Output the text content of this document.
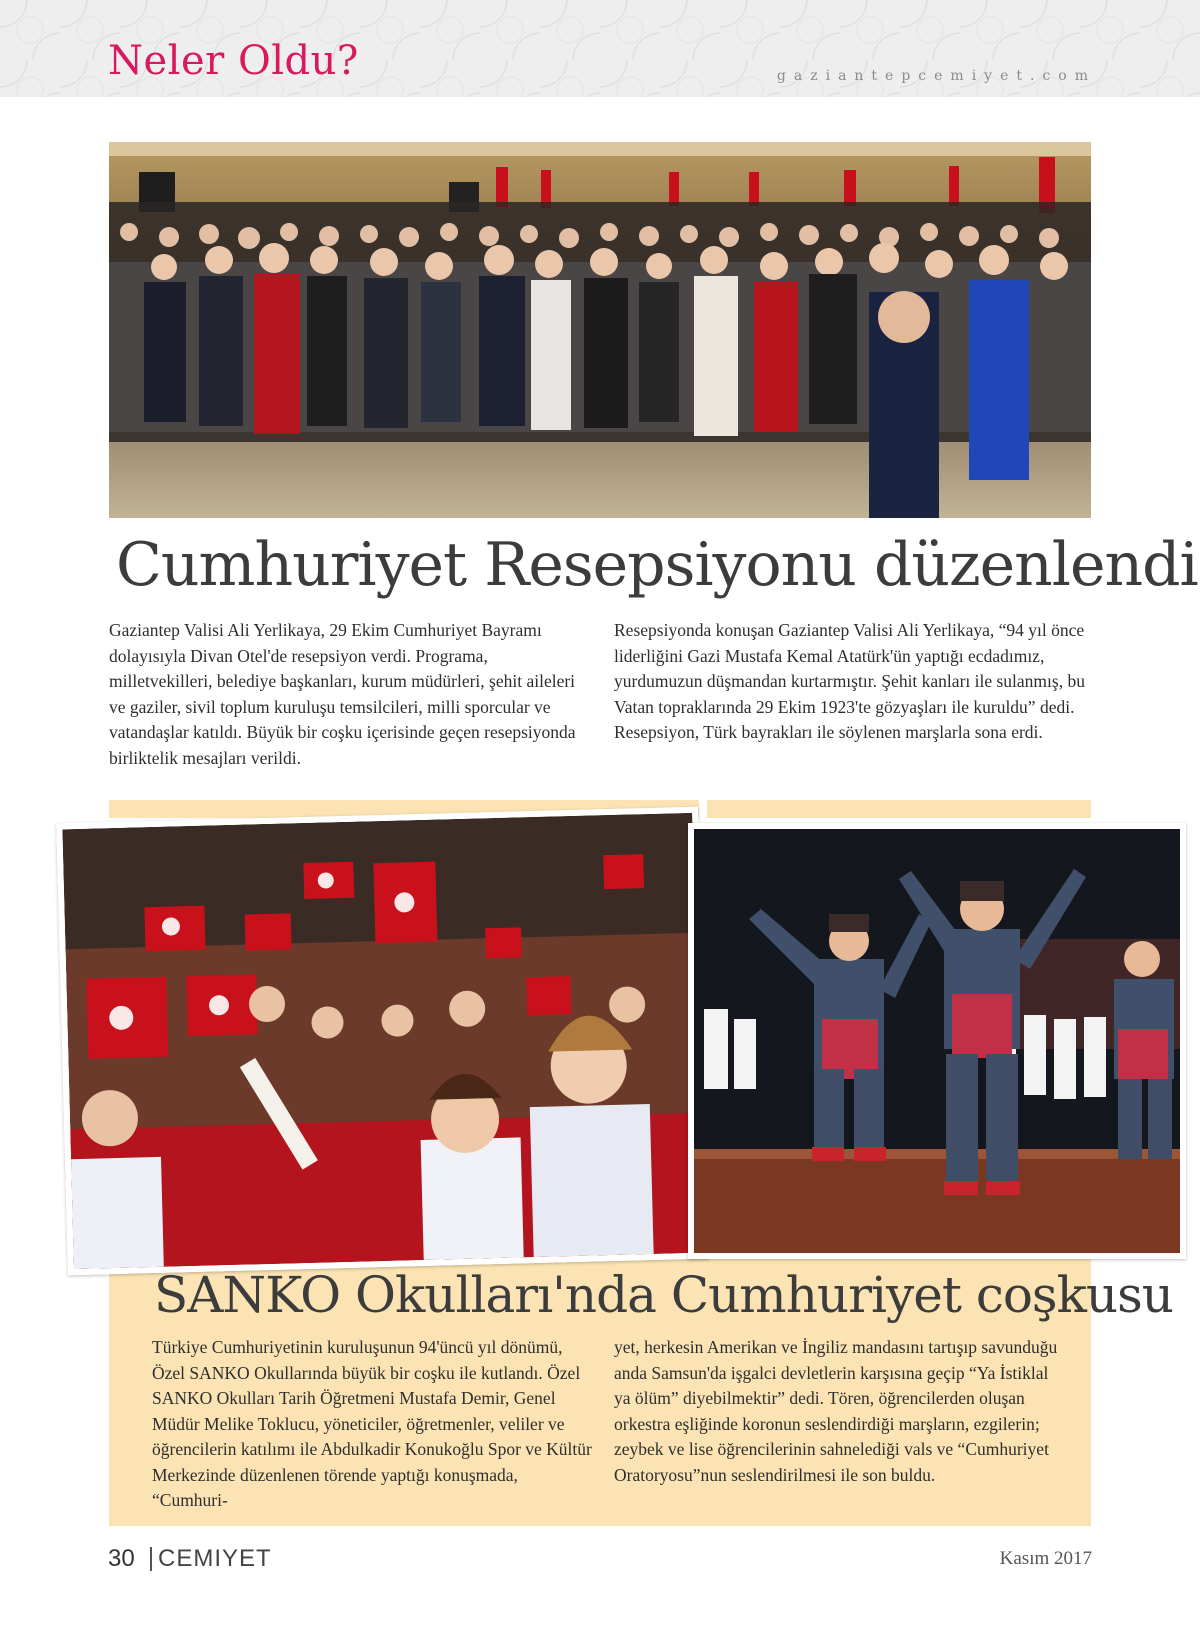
Neler Oldu?	gaziantepcemiyet.com
Cumhuriyet Resepsiyonu düzenlendi

Gaziantep Valisi Ali Yerlikaya, 29 Ekim Cumhuriyet Bayramı dolayısıyla Divan Otel'de resepsiyon verdi. Programa, milletvekilleri, belediye başkanları, kurum müdürleri, şehit aileleri ve gaziler, sivil toplum kuruluşu temsilcileri, milli sporcular ve vatandaşlar katıldı. Büyük bir coşku içerisinde geçen resepsiyonda birliktelik mesajları verildi.

Resepsiyonda konuşan Gaziantep Valisi Ali Yerlikaya, “94 yıl önce liderliğini Gazi Mustafa Kemal Atatürk'ün yaptığı ecdadımız, yurdumuzun düşmandan kurtarmıştır. Şehit kanları ile sulanmış, bu Vatan topraklarında 29 Ekim 1923'te gözyaşları ile kuruldu” dedi. Resepsiyon, Türk bayrakları ile söylenen marşlarla sona erdi.

SANKO Okulları'nda Cumhuriyet coşkusu

Türkiye Cumhuriyetinin kuruluşunun 94'üncü yıl dönümü, Özel SANKO Okullarında büyük bir coşku ile kutlandı. Özel SANKO Okulları Tarih Öğretmeni Mustafa Demir, Genel Müdür Melike Toklucu, yöneticiler, öğretmenler, veliler ve öğrencilerin katılımı ile Abdulkadir Konukoğlu Spor ve Kültür Merkezinde düzenlenen törende yaptığı konuşmada, “Cumhuri-

yet, herkesin Amerikan ve İngiliz mandasını tartışıp savunduğu anda Samsun'da işgalci devletlerin karşısına geçip “Ya İstiklal ya ölüm” diyebilmektir” dedi. Tören, öğrencilerden oluşan orkestra eşliğinde koronun seslendirdiği marşların, ezgilerin; zeybek ve lise öğrencilerinin sahnelediği vals ve “Cumhuriyet Oratoryosu”nun seslendirilmesi ile son buldu.

30 CEMIYET	Kasım 2017
